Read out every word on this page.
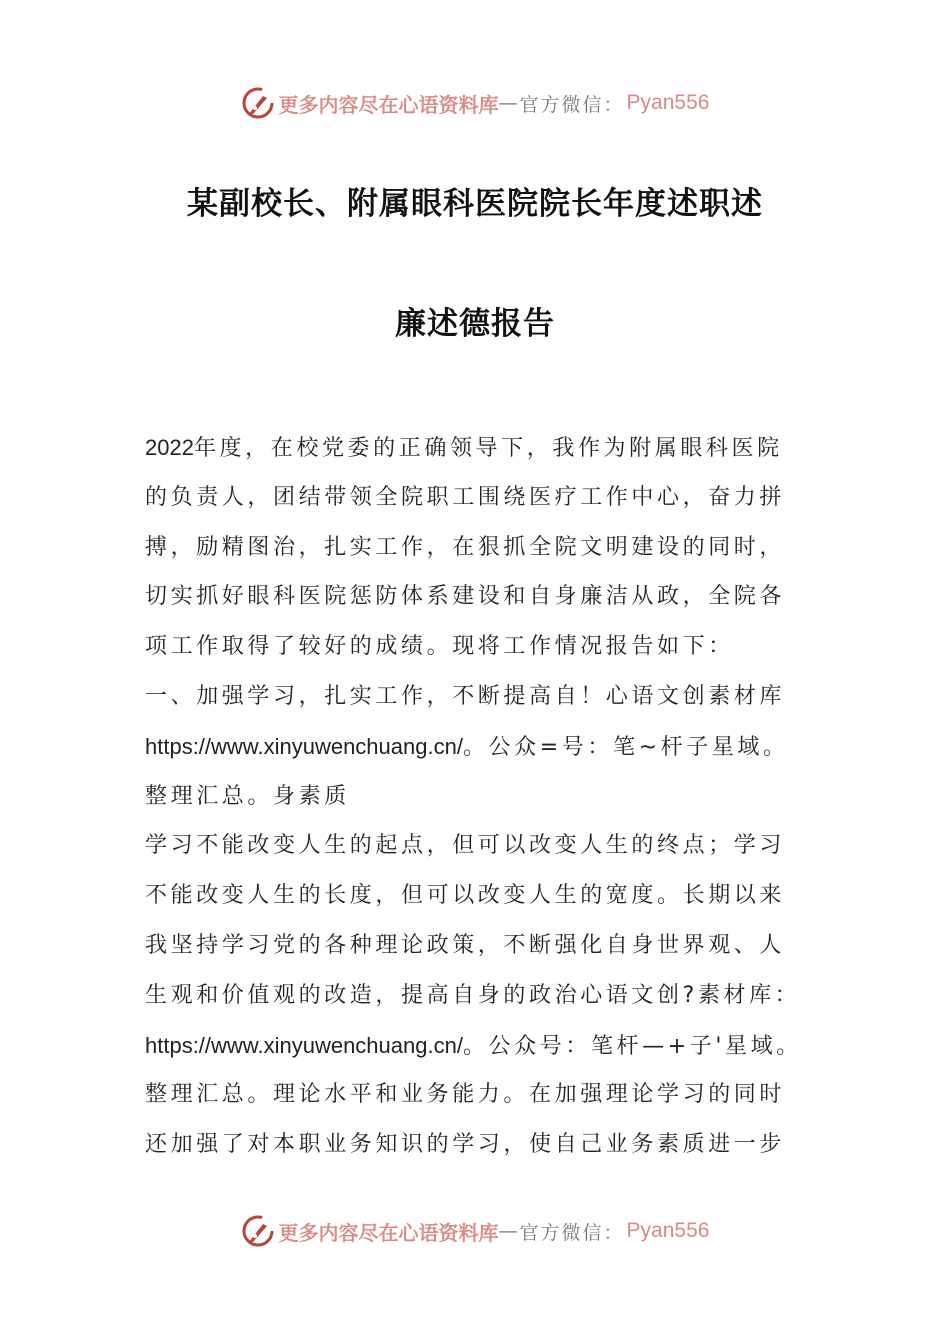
更多内容尽在心语资料库 — 官方微信： Pyan556
某副校长、附属眼科医院院长年度述职述
廉述德报告
2022年度，在校党委的正确领导下，我作为附属眼科医院
的负责人，团结带领全院职工围绕医疗工作中心，奋力拼
搏，励精图治，扎实工作，在狠抓全院文明建设的同时，
切实抓好眼科医院惩防体系建设和自身廉洁从政，全院各
项工作取得了较好的成绩。现将工作情况报告如下：
一、加强学习，扎实工作，不断提高自！心语文创素材库
https://www.xinyuwenchuang.cn/。公众=号：笔~杆子星域。
整理汇总。身素质
学习不能改变人生的起点，但可以改变人生的终点；学习
不能改变人生的长度，但可以改变人生的宽度。长期以来
我坚持学习党的各种理论政策，不断强化自身世界观、人
生观和价值观的改造，提高自身的政治心语文创?素材库：
https://www.xinyuwenchuang.cn/。公众号：笔杆—+子'星域。
整理汇总。理论水平和业务能力。在加强理论学习的同时
还加强了对本职业务知识的学习，使自己业务素质进一步
更多内容尽在心语资料库 — 官方微信： Pyan556
